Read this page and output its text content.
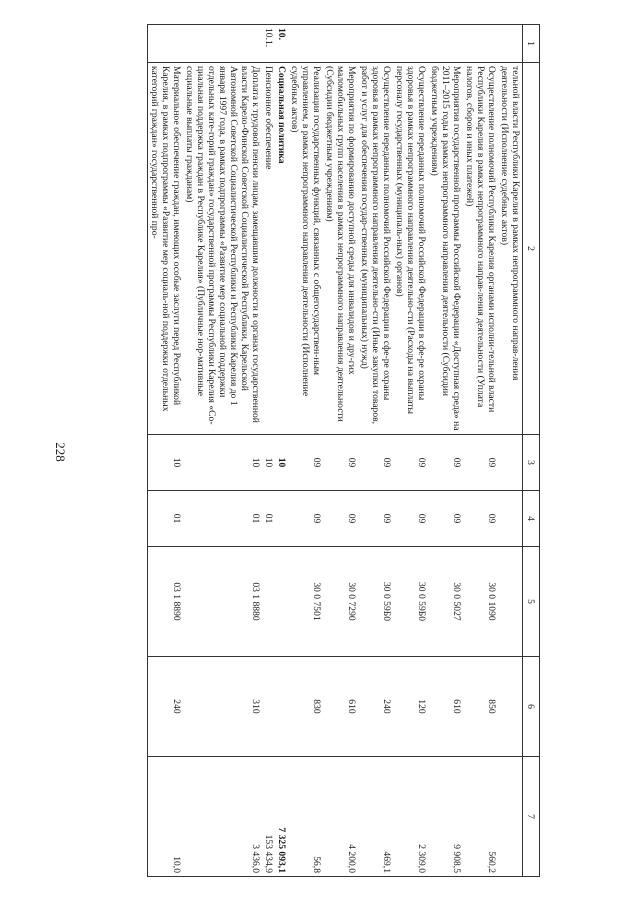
228
1	2	3	4	5	6	7
	тельной власти Республики Карелия в рамках непрограммного направ-ления деятельности (Исполнение судебных актов)					
	Осуществление полномочий Республики Карелия органами исполни-тельной власти Республики Карелия в рамках непрограммного направ-ления деятельности (Уплата налогов, сборов и иных платежей)	09	09	30 0 1090	850	560,2
	Мероприятия государственной программы Российской Федерации «Доступная среда» на 2011–2015 годы в рамках непрограммного направления деятельности (Субсидии бюджетным учреждениям)	09	09	30 0 5027	610	9 908,5
	Осуществление переданных полномочий Российской Федерации в сфе-ре охраны здоровья в рамках непрограммного направления деятельно-сти (Расходы на выплаты персоналу государственных (муниципаль-ных) органов)	09	09	30 0 59Б0	120	2 309,0
	Осуществление переданных полномочий Российской Федерации в сфе-ре охраны здоровья в рамках непрограммного направления деятельно-сти (Иные закупки товаров, работ и услуг для обеспечения государ-ственных (муниципальных) нужд)	09	09	30 0 59Б0	240	469,1
	Мероприятия по формированию доступной среды для инвалидов и дру-гих маломобильных групп населения в рамках непрограммного направления деятельности (Субсидии бюджетным учреждениям)	09	09	30 0 7290	610	4 200,0
	Реализация государственных функций, связанных с общегосударствен-ным управлением, в рамках непрограммного направления деятельности (Исполнение судебных актов)	09	09	30 0 7501	830	56,8
10.	Социальная политика	10				7 325 093,1
10.1.	Пенсионное обеспечение	10	01			153 434,9
	Доплата к трудовой пенсии лицам, замещавшим должности в органах государственной власти Карело-Финской Советской Социалистической Республики, Карельской Автономной Советской Социалистической Республики и Республики Карелия до 1 января 1997 года, в рамках подпрограммы «Развитие мер социальной поддержки отдельных кате-горий граждан» государственной программы Республики Карелия «Со-циальная поддержка граждан в Республике Карелия» (Публичные нор-мативные социальные выплаты гражданам)	10	01	03 1 8880	310	3 436,0
	Материальное обеспечение граждан, имеющих особые заслуги перед Республикой Карелия, в рамках подпрограммы «Развитие мер социаль-ной поддержки отдельных категорий граждан» государственной про-	10	01	03 1 8890	240	10,0
